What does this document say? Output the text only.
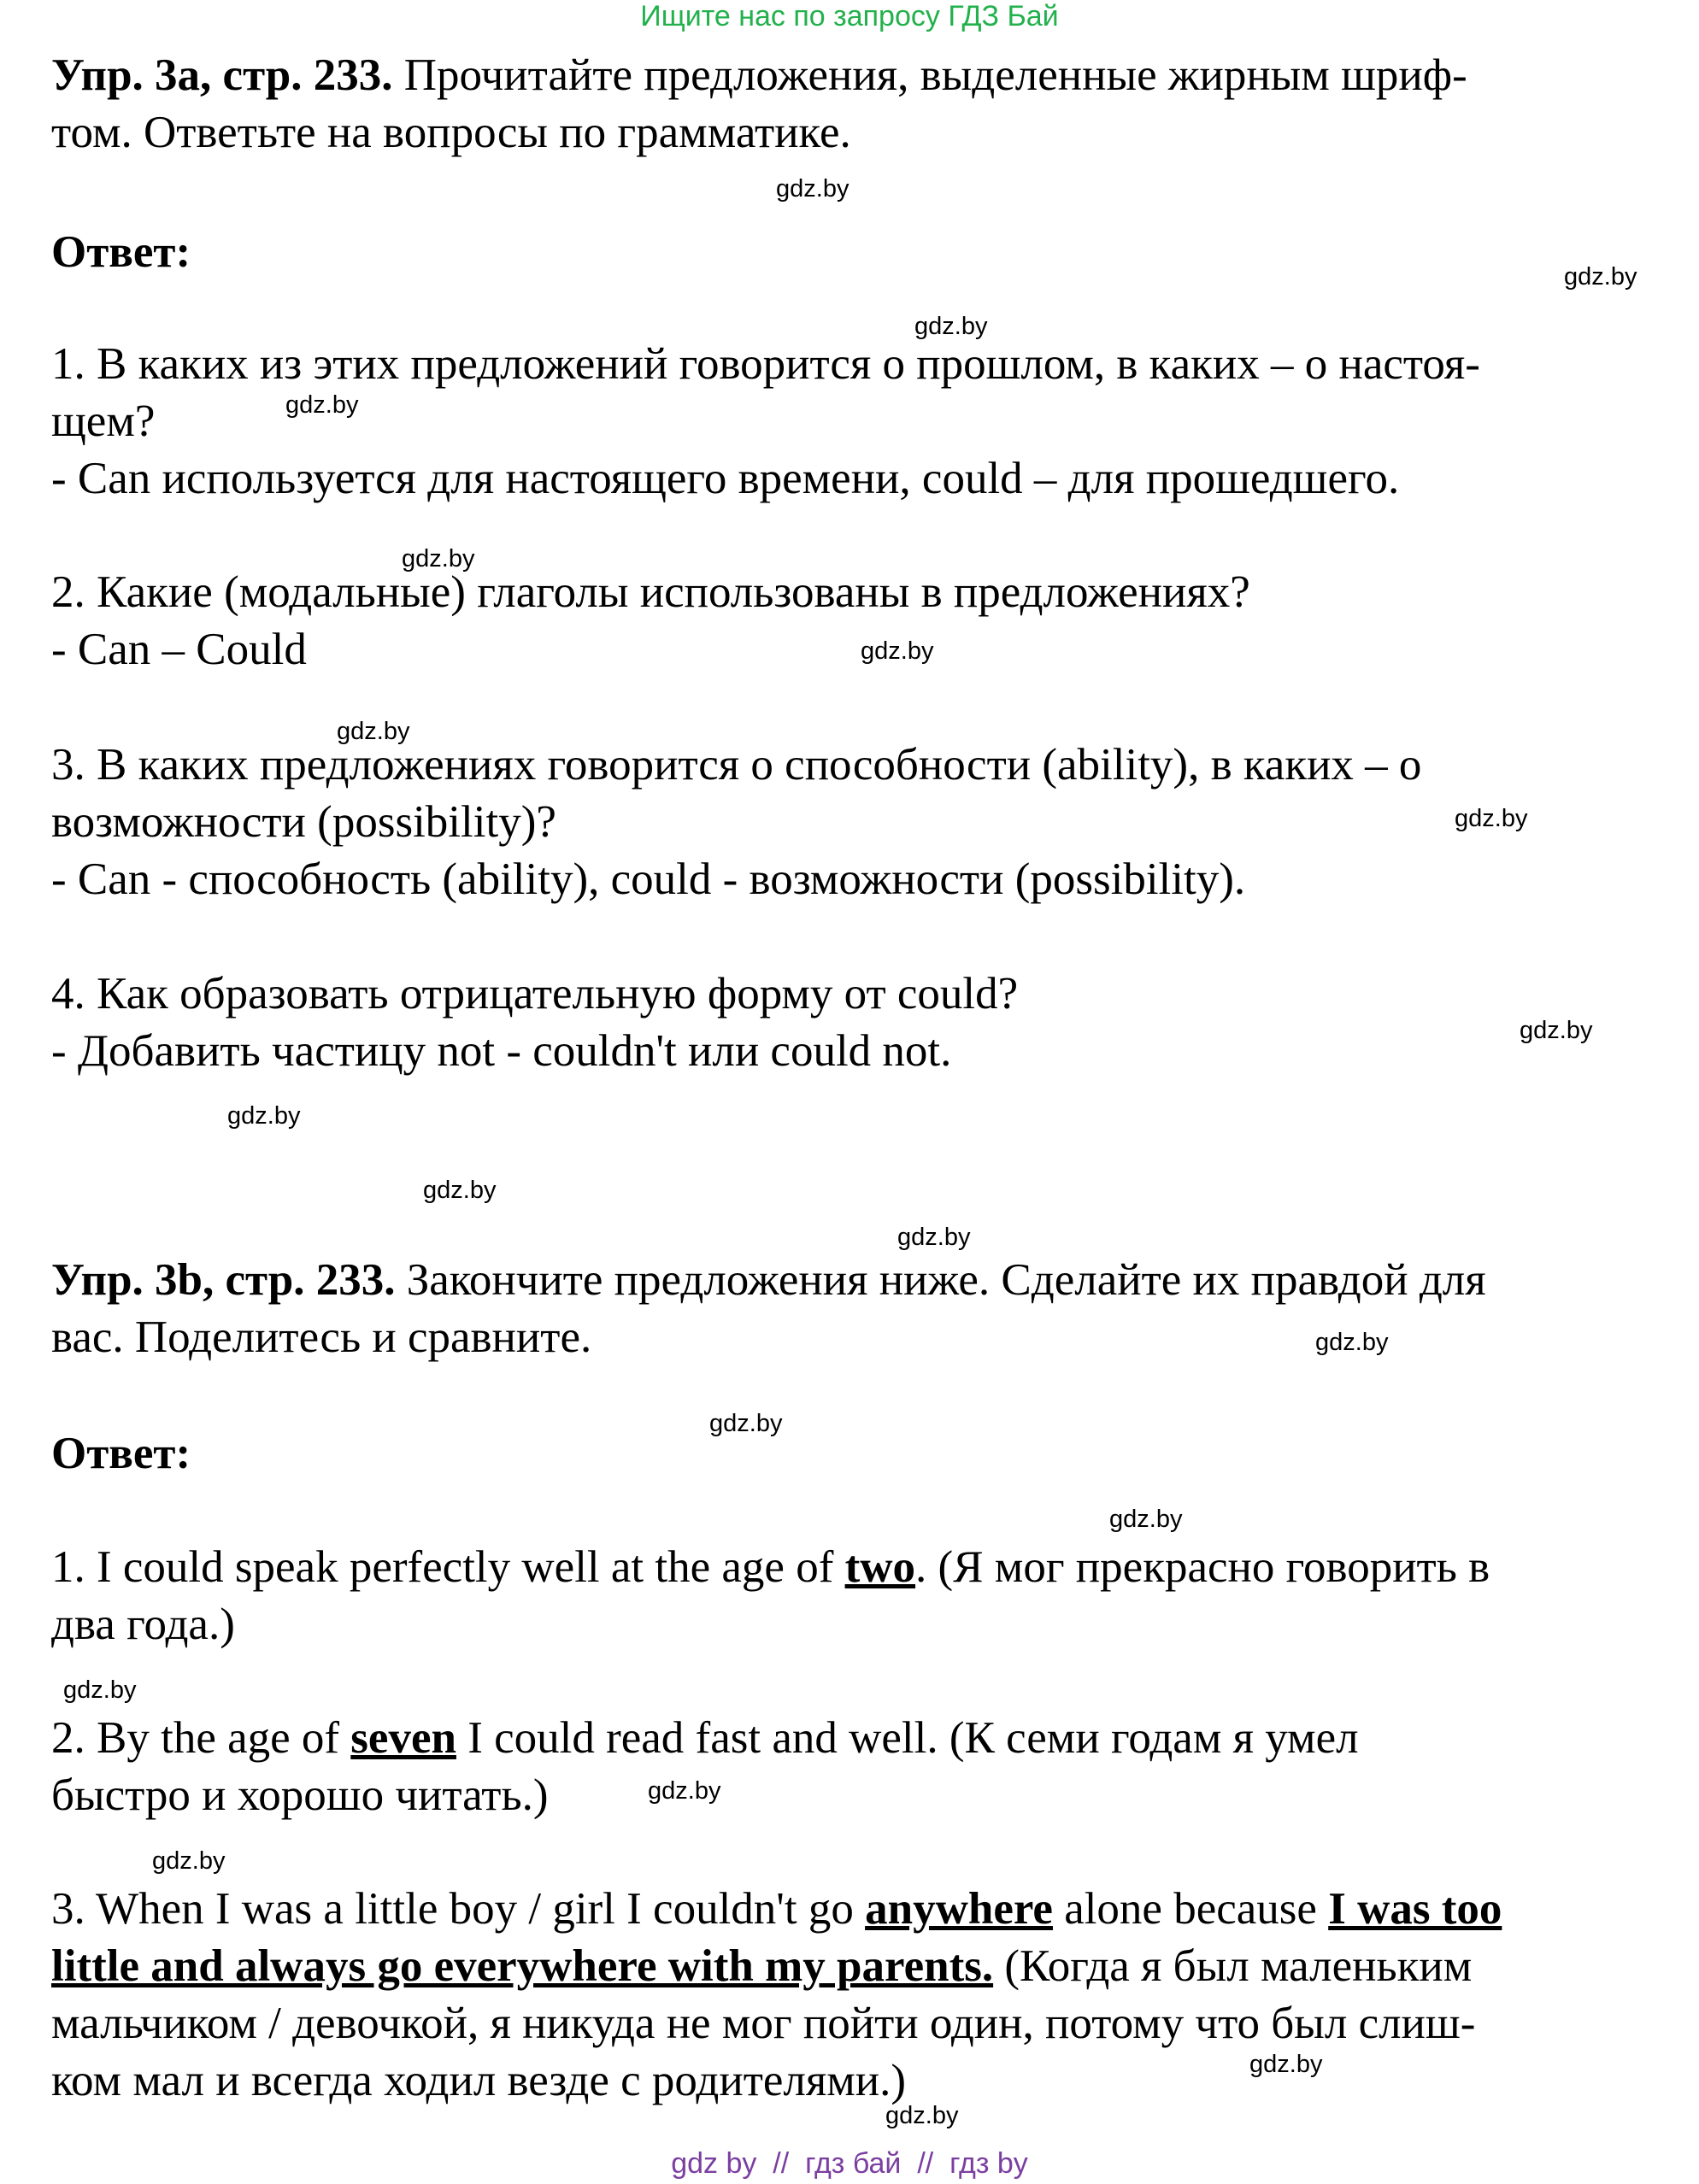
Ищите нас по запросу ГДЗ Бай

Упр. 3а, стр. 233. Прочитайте предложения, выделенные жирным шриф-
том. Ответьте на вопросы по грамматике.

Ответ:

1. В каких из этих предложений говорится о прошлом, в каких – о настоя-
щем?
- Can используется для настоящего времени, could – для прошедшего.

2. Какие (модальные) глаголы использованы в предложениях?
- Can – Could

3. В каких предложениях говорится о способности (ability), в каких – о
возможности (possibility)?
- Can - способность (ability), could - возможности (possibility).

4. Как образовать отрицательную форму от could?
- Добавить частицу not - couldn't или could not.

Упр. 3b, стр. 233. Закончите предложения ниже. Сделайте их правдой для
вас. Поделитесь и сравните.

Ответ:

1. I could speak perfectly well at the age of two. (Я мог прекрасно говорить в
два года.)

2. By the age of seven I could read fast and well. (К семи годам я умел
быстро и хорошо читать.)

3. When I was a little boy / girl I couldn't go anywhere alone because I was too
little and always go everywhere with my parents. (Когда я был маленьким
мальчиком / девочкой, я никуда не мог пойти один, потому что был слиш-
ком мал и всегда ходил везде с родителями.)

gdz.by
gdz.by
gdz.by
gdz.by
gdz.by
gdz.by
gdz.by
gdz.by
gdz.by
gdz.by
gdz.by
gdz.by
gdz.by
gdz.by
gdz.by
gdz.by
gdz.by
gdz.by
gdz.by
gdz.by
gdz by  //  гдз бай  //  гдз by
